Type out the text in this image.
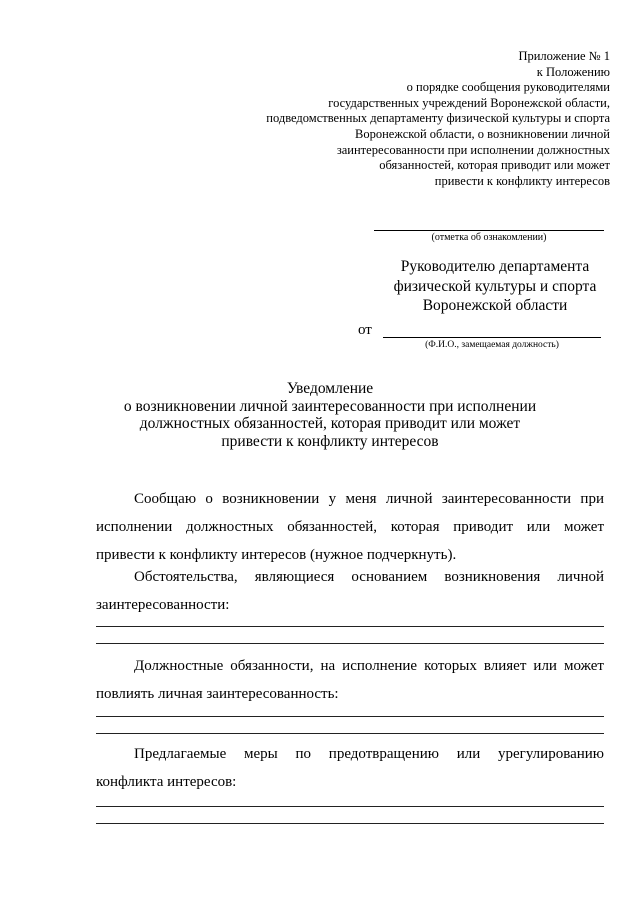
Приложение № 1
к Положению
о порядке сообщения руководителями
государственных учреждений Воронежской области,
подведомственных департаменту физической культуры и спорта
Воронежской области, о возникновении личной
заинтересованности при исполнении должностных
обязанностей, которая приводит или может
привести к конфликту интересов
(отметка об ознакомлении)
Руководителю департамента
физической культуры и спорта
Воронежской области
от
(Ф.И.О., замещаемая должность)
Уведомление
о возникновении личной заинтересованности при исполнении
должностных обязанностей, которая приводит или может
привести к конфликту интересов
Сообщаю о возникновении у меня личной заинтересованности при
исполнении должностных обязанностей, которая приводит или может
привести к конфликту интересов (нужное подчеркнуть).
Обстоятельства, являющиеся основанием возникновения личной
заинтересованности:
Должностные обязанности, на исполнение которых влияет или может
повлиять личная заинтересованность:
Предлагаемые меры по предотвращению или урегулированию
конфликта интересов:
